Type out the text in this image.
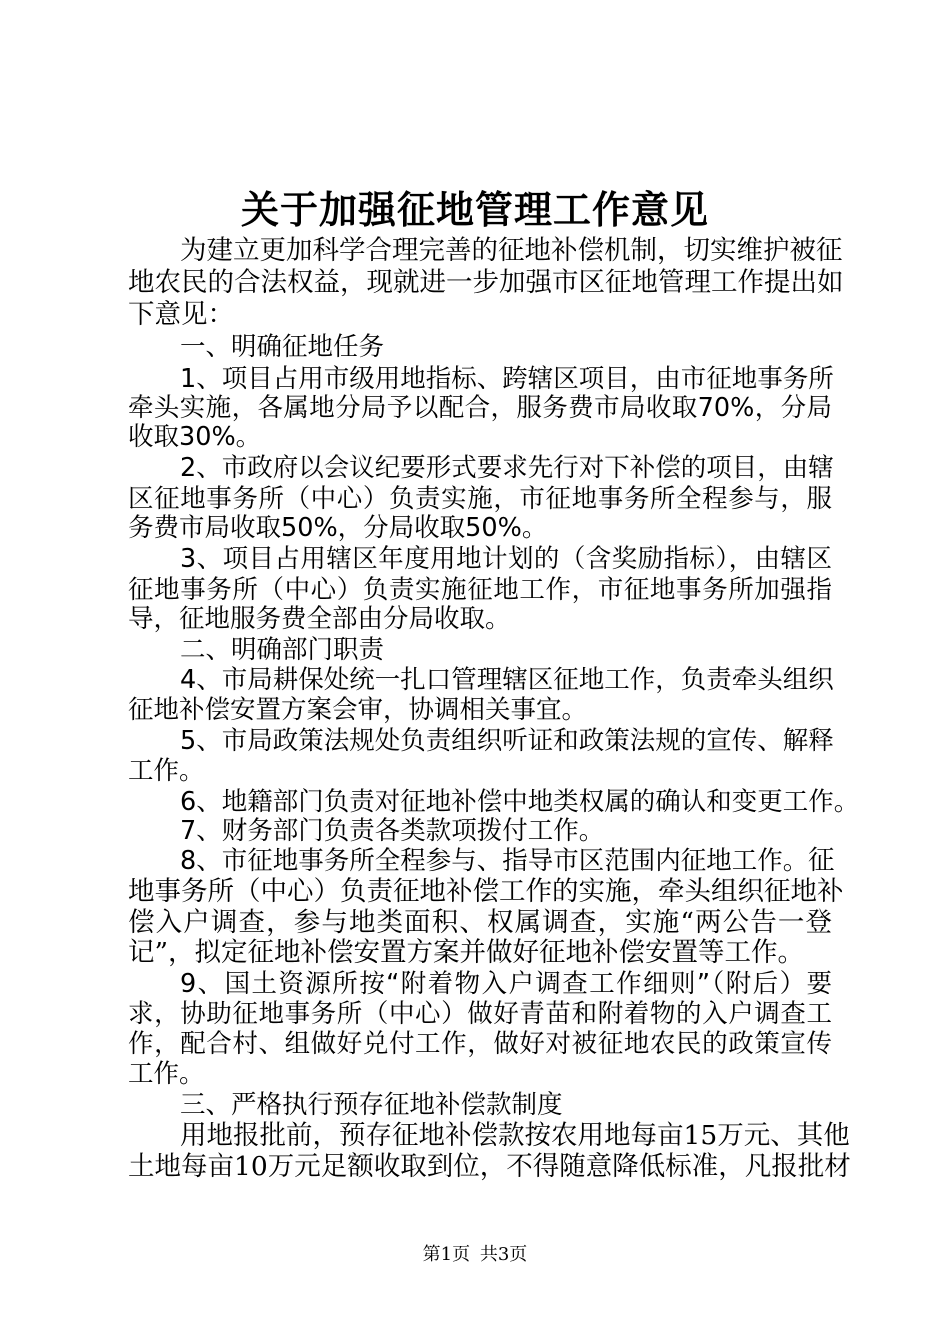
关于加强征地管理工作意见
为建立更加科学合理完善的征地补偿机制，切实维护被征
地农民的合法权益，现就进一步加强市区征地管理工作提出如
下意见：
一、明确征地任务
1、项目占用市级用地指标、跨辖区项目，由市征地事务所
牵头实施，各属地分局予以配合，服务费市局收取70%，分局
收取30%。
2、市政府以会议纪要形式要求先行对下补偿的项目，由辖
区征地事务所（中心）负责实施，市征地事务所全程参与，服
务费市局收取50%，分局收取50%。
3、项目占用辖区年度用地计划的（含奖励指标），由辖区
征地事务所（中心）负责实施征地工作，市征地事务所加强指
导，征地服务费全部由分局收取。
二、明确部门职责
4、市局耕保处统一扎口管理辖区征地工作，负责牵头组织
征地补偿安置方案会审，协调相关事宜。
5、市局政策法规处负责组织听证和政策法规的宣传、解释
工作。
6、地籍部门负责对征地补偿中地类权属的确认和变更工作。
7、财务部门负责各类款项拨付工作。
8、市征地事务所全程参与、指导市区范围内征地工作。 征
地事务所（中心）负责征地补偿工作的实施，牵头组织征地补
偿入户调查，参与地类面积、权属调查，实施“两公告一登
记”，拟定征地补偿安置方案并做好征地补偿安置等工作。
9、国土资源所按“附着物入户调查工作细则”（附后）要
求，协助征地事务所（中心）做好青苗和附着物的入户调查工
作，配合村、组做好兑付工作，做好对被征地农民的政策宣传
工作。
三、严格执行预存征地补偿款制度
用地报批前，预存征地补偿款按农用地每亩15万元、其他
土地每亩10万元足额收取到位，不得随意降低标准，凡报批材
第1页 共3页
